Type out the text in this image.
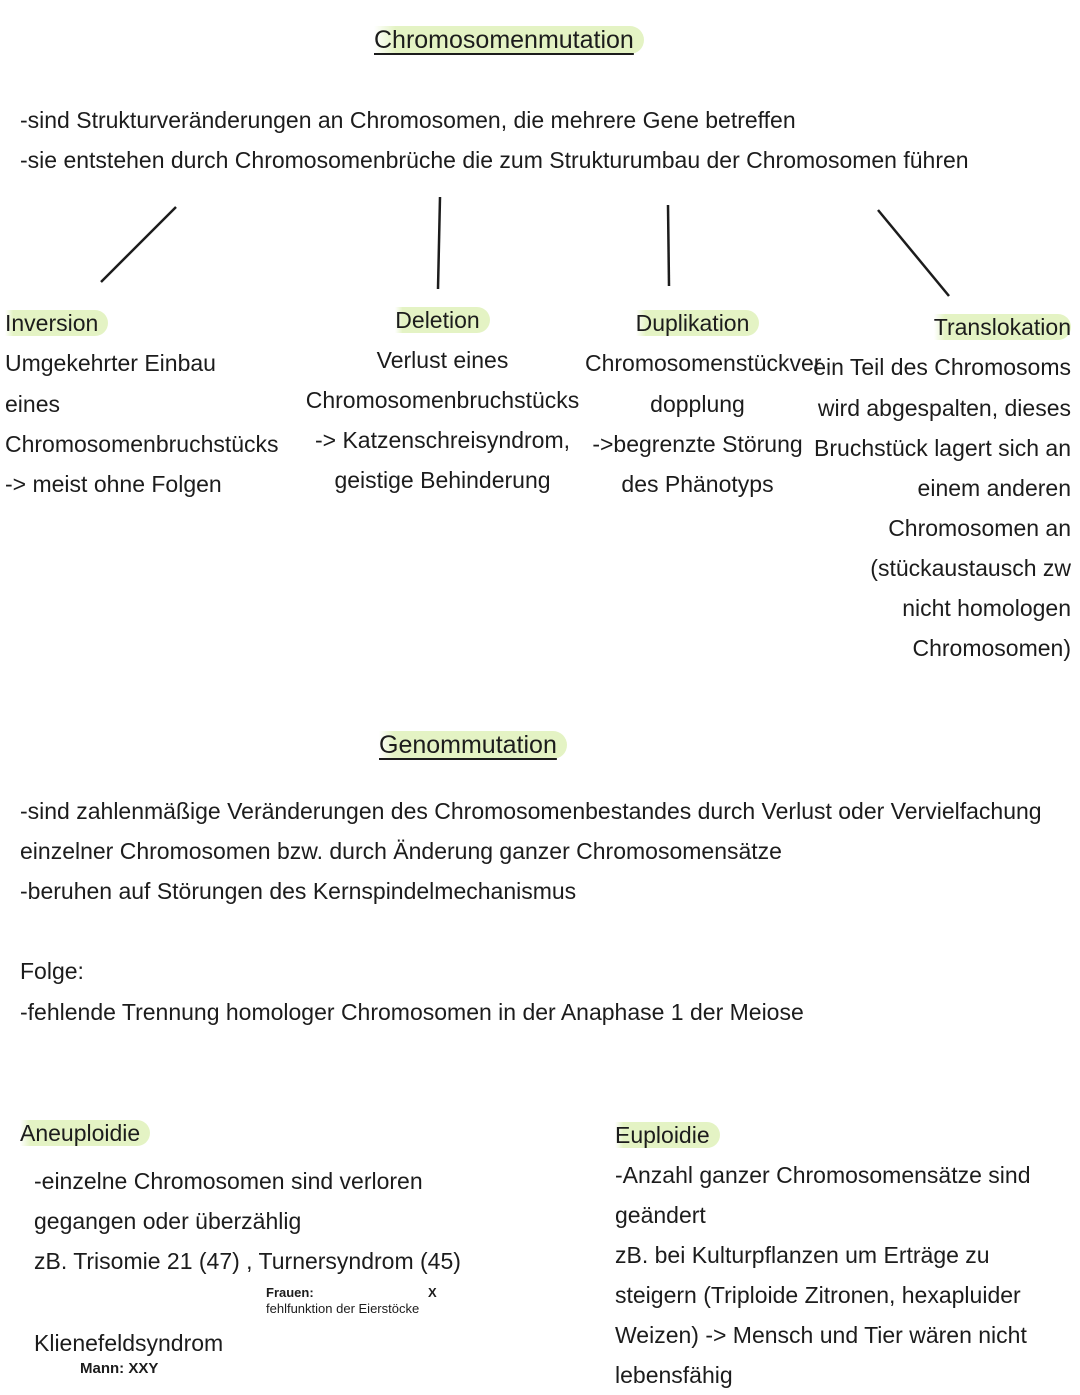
Chromosomenmutation
-sind Strukturveränderungen an Chromosomen, die mehrere Gene betreffen
-sie entstehen durch Chromosomenbrüche die zum Strukturumbau der Chromosomen führen
Inversion
Umgekehrter Einbau
eines
Chromosomenbruchstücks
-> meist ohne Folgen
Deletion
Verlust eines
Chromosomenbruchstücks
-> Katzenschreisyndrom,
geistige Behinderung
Duplikation
Chromosomenstückver
dopplung
->begrenzte Störung
des Phänotyps
Translokation
ein Teil des Chromosoms
wird abgespalten, dieses
Bruchstück lagert sich an
einem anderen
Chromosomen an
(stückaustausch zw
nicht homologen
Chromosomen)
Genommutation
-sind zahlenmäßige Veränderungen des Chromosomenbestandes durch Verlust oder Vervielfachung
einzelner Chromosomen bzw. durch Änderung ganzer Chromosomensätze
-beruhen auf Störungen des Kernspindelmechanismus
Folge:
-fehlende Trennung homologer Chromosomen in der Anaphase 1 der Meiose
Aneuploidie
-einzelne Chromosomen sind verloren
gegangen oder überzählig
zB. Trisomie 21 (47) , Turnersyndrom (45)
Frauen:	X
fehlfunktion der Eierstöcke
Klienefeldsyndrom
Mann: XXY
Euploidie
-Anzahl ganzer Chromosomensätze sind
geändert
zB. bei Kulturpflanzen um Erträge zu
steigern (Triploide Zitronen, hexapluider
Weizen) -> Mensch und Tier wären nicht
lebensfähig
